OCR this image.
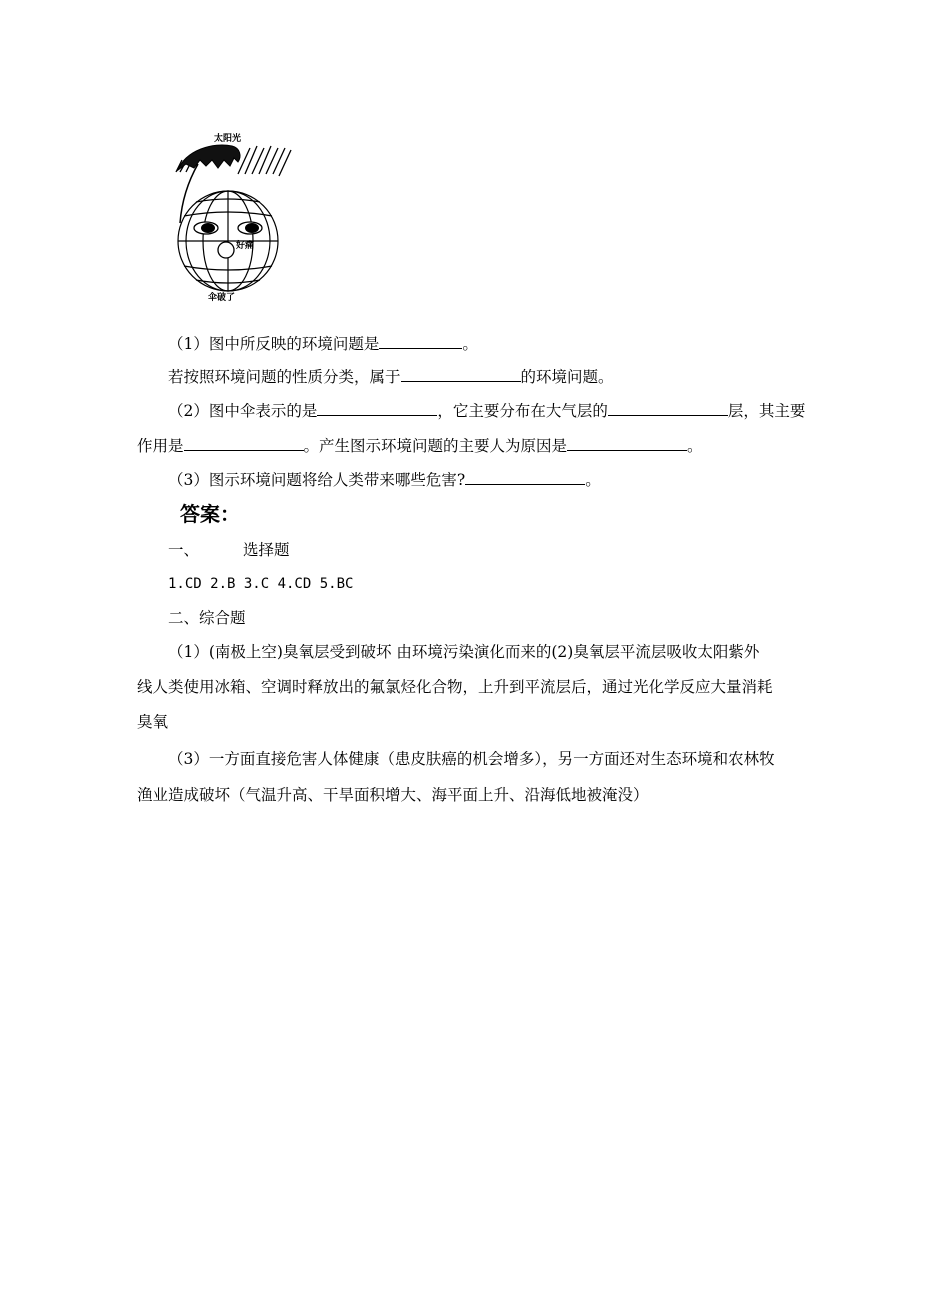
太阳光
好痛
伞破了
（1）图中所反映的环境问题是	。
若按照环境问题的性质分类，属于	的环境问题。
（2）图中伞表示的是	，它主要分布在大气层的	层，其主要
作用是	。产生图示环境问题的主要人为原因是	。
（3）图示环境问题将给人类带来哪些危害?	。
答案：
一、	选择题
1.CD 2.B 3.C 4.CD 5.BC
二、综合题
（1）(南极上空)臭氧层受到破坏 由环境污染演化而来的(2)臭氧层平流层吸收太阳紫外
线人类使用冰箱、空调时释放出的氟氯烃化合物，上升到平流层后，通过光化学反应大量消耗
臭氧
（3）一方面直接危害人体健康（患皮肤癌的机会增多），另一方面还对生态环境和农林牧
渔业造成破坏（气温升高、干旱面积增大、海平面上升、沿海低地被淹没）
